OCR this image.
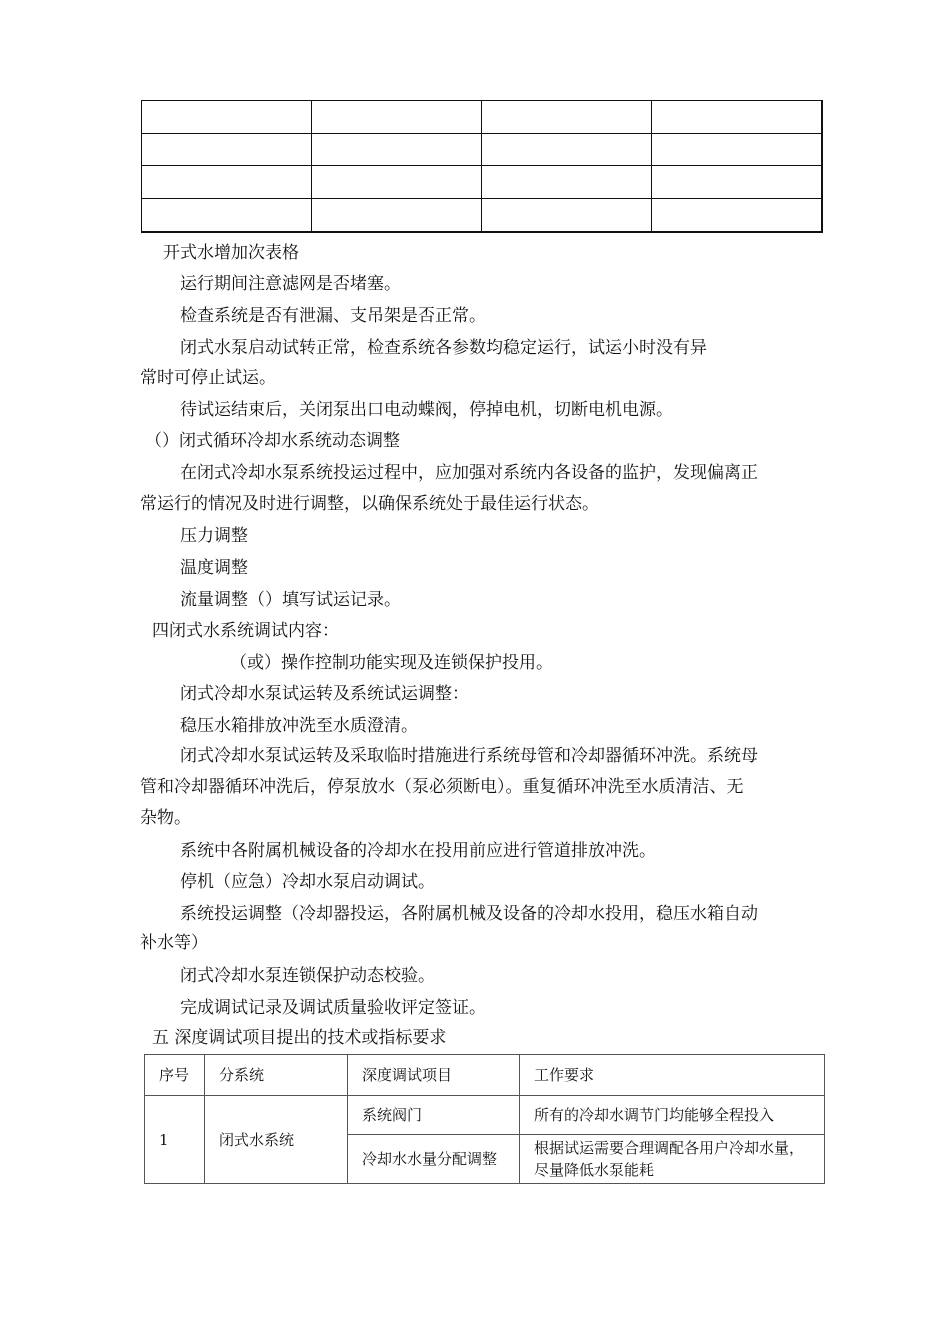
开式水增加次表格
运行期间注意滤网是否堵塞。
检查系统是否有泄漏、支吊架是否正常。
闭式水泵启动试转正常，检查系统各参数均稳定运行，试运小时没有异
常时可停止试运。
待试运结束后，关闭泵出口电动蝶阀，停掉电机，切断电机电源。
（）闭式循环冷却水系统动态调整
在闭式冷却水泵系统投运过程中，应加强对系统内各设备的监护，发现偏离正
常运行的情况及时进行调整，以确保系统处于最佳运行状态。
压力调整
温度调整
流量调整（）填写试运记录。
四闭式水系统调试内容：
（或）操作控制功能实现及连锁保护投用。
闭式冷却水泵试运转及系统试运调整：
稳压水箱排放冲洗至水质澄清。
闭式冷却水泵试运转及采取临时措施进行系统母管和冷却器循环冲洗。系统母
管和冷却器循环冲洗后，停泵放水（泵必须断电）。重复循环冲洗至水质清洁、无
杂物。
系统中各附属机械设备的冷却水在投用前应进行管道排放冲洗。
停机（应急）冷却水泵启动调试。
系统投运调整（冷却器投运，各附属机械及设备的冷却水投用，稳压水箱自动
补水等）
闭式冷却水泵连锁保护动态校验。
完成调试记录及调试质量验收评定签证。
五 深度调试项目提出的技术或指标要求
序号	分系统	深度调试项目	工作要求
1	闭式水系统	系统阀门	所有的冷却水调节门均能够全程投入
		冷却水水量分配调整	根据试运需要合理调配各用户冷却水量，尽量降低水泵能耗
